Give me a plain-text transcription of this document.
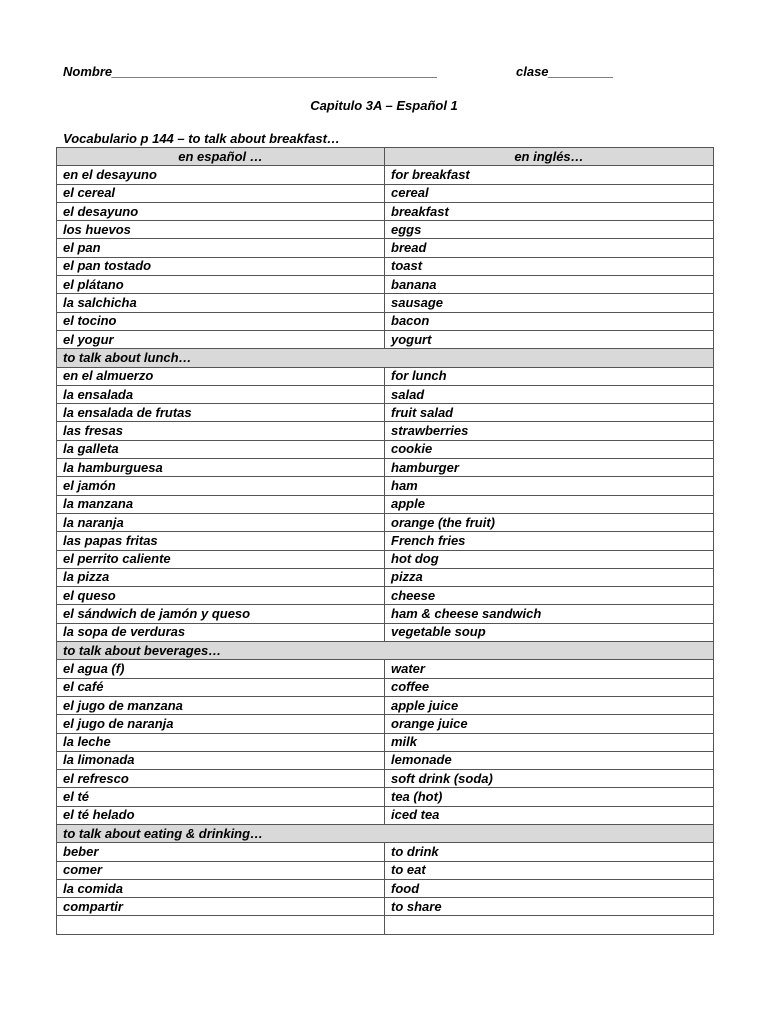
Nombre_____________________________________________	clase_________
Capitulo 3A – Español 1
Vocabulario p 144 – to talk about breakfast…
en español …	en inglés…
en el desayuno	for breakfast
el cereal	cereal
el desayuno	breakfast
los huevos	eggs
el pan	bread
el pan tostado	toast
el plátano	banana
la salchicha	sausage
el tocino	bacon
el yogur	yogurt
to talk about lunch…	
en el almuerzo	for lunch
la ensalada	salad
la ensalada de frutas	fruit salad
las fresas	strawberries
la galleta	cookie
la hamburguesa	hamburger
el jamón	ham
la manzana	apple
la naranja	orange (the fruit)
las papas fritas	French fries
el perrito caliente	hot dog
la pizza	pizza
el queso	cheese
el sándwich de jamón y queso	ham & cheese sandwich
la sopa de verduras	vegetable soup
to talk about beverages…	
el agua (f)	water
el café	coffee
el jugo de manzana	apple juice
el jugo de naranja	orange juice
la leche	milk
la limonada	lemonade
el refresco	soft drink (soda)
el té	tea (hot)
el té helado	iced tea
to talk about eating & drinking…	
beber	to drink
comer	to eat
la comida	food
compartir	to share
